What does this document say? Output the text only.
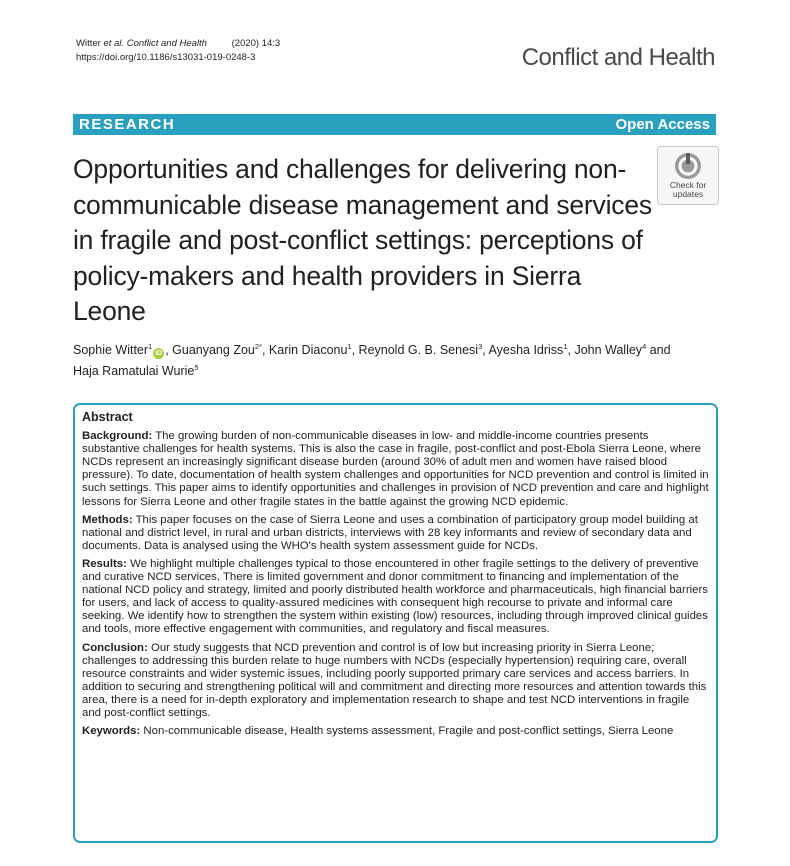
Witter et al. Conflict and Health	(2020) 14:3
https://doi.org/10.1186/s13031-019-0248-3	Conflict and Health
RESEARCH	Open Access
Opportunities and challenges for delivering non-communicable disease management and services in fragile and post-conflict settings: perceptions of policy-makers and health providers in Sierra Leone
Check for
updates
Sophie Witter$^1$iD , Guanyang Zou$^{2*}$, Karin Diaconu$^1$, Reynold G. B. Senesi$^3$, Ayesha Idriss$^1$, John Walley$^4$ and
Haja Ramatulai Wurie$^5$
Abstract

Background: The growing burden of non-communicable diseases in low- and middle-income countries presents substantive challenges for health systems. This is also the case in fragile, post-conflict and post-Ebola Sierra Leone, where NCDs represent an increasingly significant disease burden (around 30% of adult men and women have raised blood pressure). To date, documentation of health system challenges and opportunities for NCD prevention and control is limited in such settings. This paper aims to identify opportunities and challenges in provision of NCD prevention and care and highlight lessons for Sierra Leone and other fragile states in the battle against the growing NCD epidemic.

Methods: This paper focuses on the case of Sierra Leone and uses a combination of participatory group model building at national and district level, in rural and urban districts, interviews with 28 key informants and review of secondary data and documents. Data is analysed using the WHO's health system assessment guide for NCDs.

Results: We highlight multiple challenges typical to those encountered in other fragile settings to the delivery of preventive and curative NCD services. There is limited government and donor commitment to financing and implementation of the national NCD policy and strategy, limited and poorly distributed health workforce and pharmaceuticals, high financial barriers for users, and lack of access to quality-assured medicines with consequent high recourse to private and informal care seeking. We identify how to strengthen the system within existing (low) resources, including through improved clinical guides and tools, more effective engagement with communities, and regulatory and fiscal measures.

Conclusion: Our study suggests that NCD prevention and control is of low but increasing priority in Sierra Leone; challenges to addressing this burden relate to huge numbers with NCDs (especially hypertension) requiring care, overall resource constraints and wider systemic issues, including poorly supported primary care services and access barriers. In addition to securing and strengthening political will and commitment and directing more resources and attention towards this area, there is a need for in-depth exploratory and implementation research to shape and test NCD interventions in fragile and post-conflict settings.

Keywords: Non-communicable disease, Health systems assessment, Fragile and post-conflict settings, Sierra Leone
